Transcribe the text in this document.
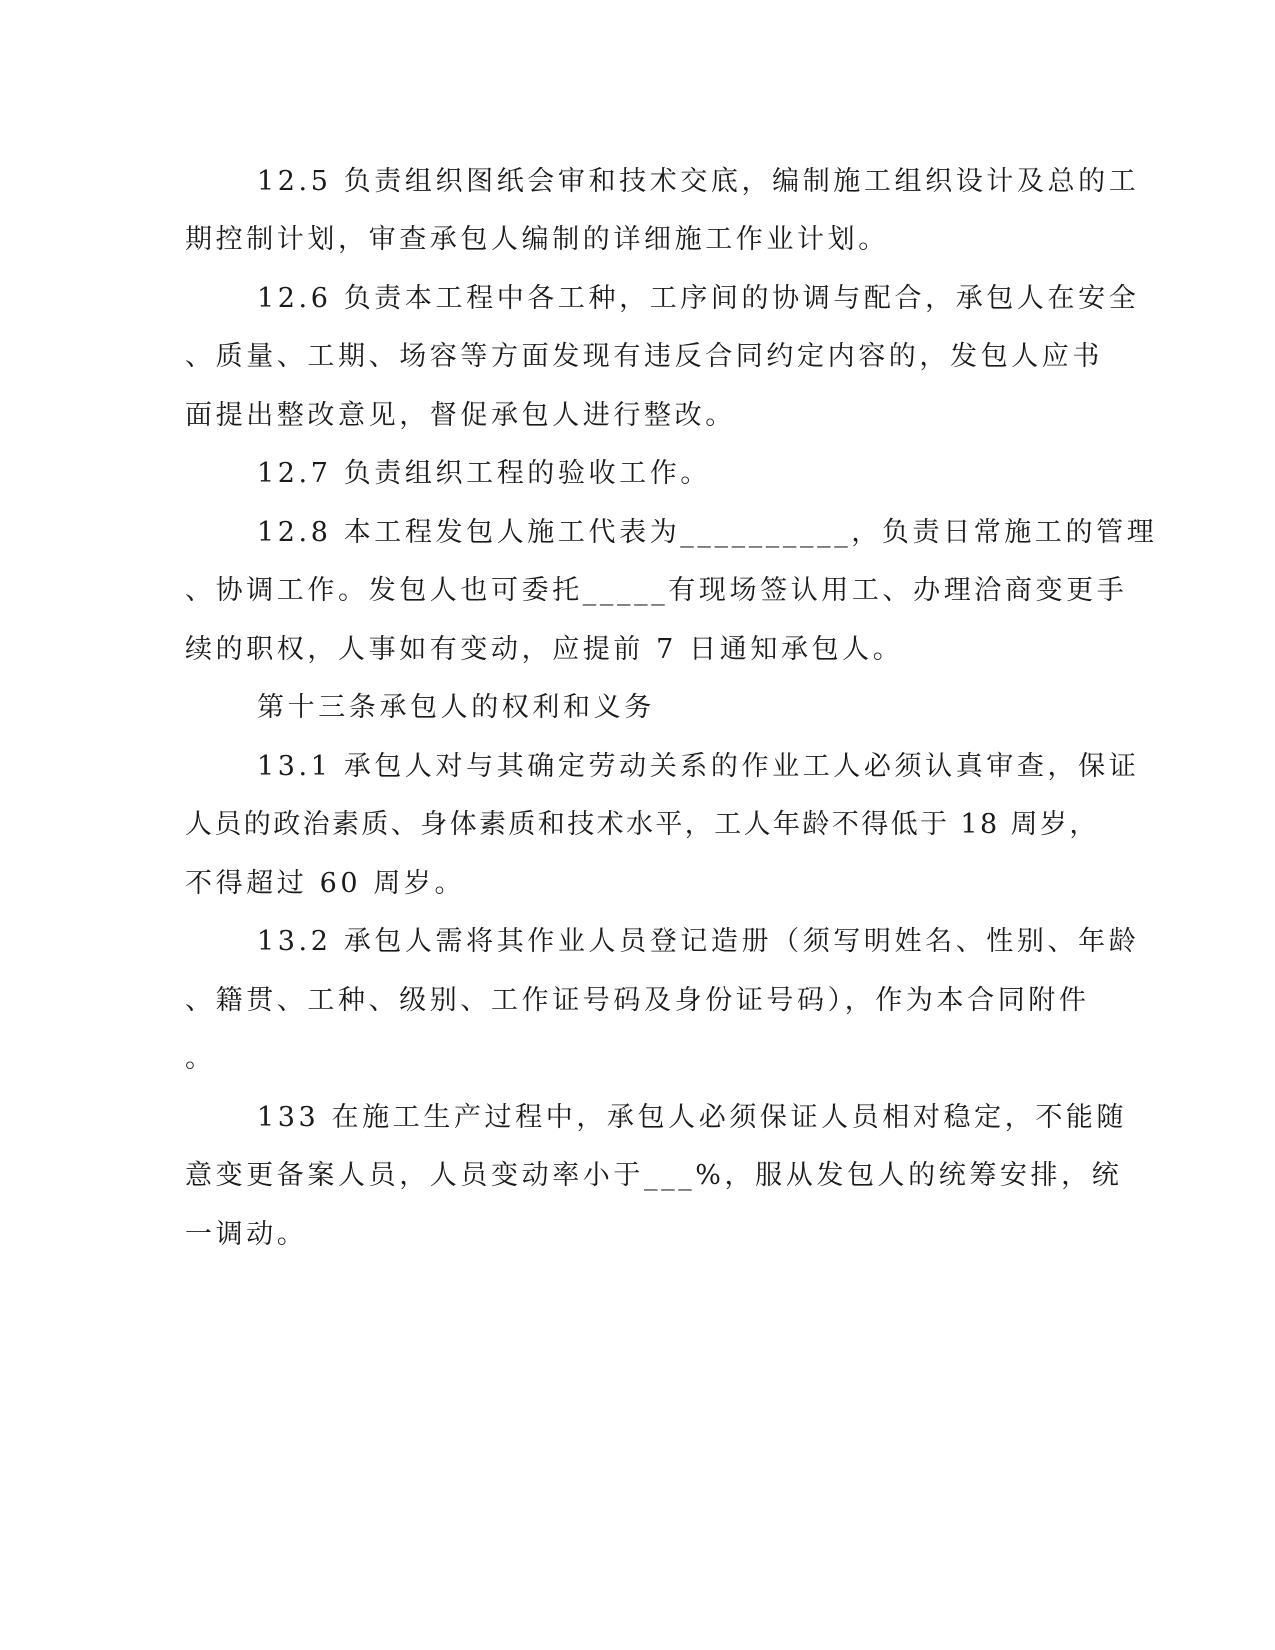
12.5 负责组织图纸会审和技术交底，编制施工组织设计及总的工
期控制计划，审查承包人编制的详细施工作业计划。
12.6 负责本工程中各工种，工序间的协调与配合，承包人在安全
、质量、工期、场容等方面发现有违反合同约定内容的，发包人应书
面提出整改意见，督促承包人进行整改。
12.7 负责组织工程的验收工作。
12.8 本工程发包人施工代表为__________，负责日常施工的管理
、协调工作。发包人也可委托_____有现场签认用工、办理洽商变更手
续的职权，人事如有变动，应提前 7 日通知承包人。
第十三条承包人的权利和义务
13.1 承包人对与其确定劳动关系的作业工人必须认真审查，保证
人员的政治素质、身体素质和技术水平，工人年龄不得低于 18 周岁，
不得超过 60 周岁。
13.2 承包人需将其作业人员登记造册（须写明姓名、性别、年龄
、籍贯、工种、级别、工作证号码及身份证号码），作为本合同附件
。
133 在施工生产过程中，承包人必须保证人员相对稳定，不能随
意变更备案人员，人员变动率小于___%，服从发包人的统筹安排，统
一调动。
